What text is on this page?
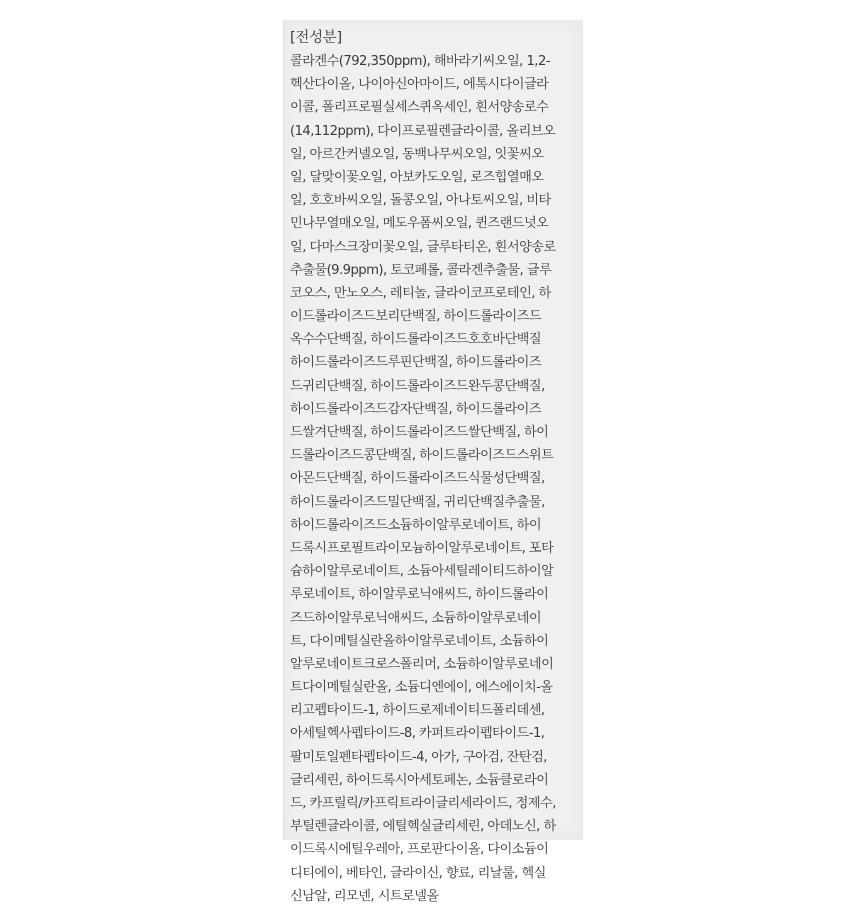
[전성분]
콜라겐수(792,350ppm), 해바라기씨오일, 1,2-
헥산다이올, 나이아신아마이드, 에톡시다이글라
이콜, 폴리프로필실세스퀴옥세인, 흰서양송로수
(14,112ppm), 다이프로필렌글라이콜, 올리브오
일, 아르간커넬오일, 동백나무씨오일, 잇꽃씨오
일, 달맞이꽃오일, 아보카도오일, 로즈힙열매오
일, 호호바씨오일, 돌콩오일, 아나토씨오일, 비타
민나무열매오일, 메도우폼씨오일, 퀸즈랜드넛오
일, 다마스크장미꽃오일, 글루타티온, 흰서양송로
추출물(9.9ppm), 토코페롤, 콜라겐추출물, 글루
코오스, 만노오스, 레티놀, 글라이코프로테인, 하
이드롤라이즈드보리단백질, 하이드롤라이즈드
옥수수단백질, 하이드롤라이즈드호호바단백질
하이드롤라이즈드루핀단백질, 하이드롤라이즈
드귀리단백질, 하이드롤라이즈드완두콩단백질,
하이드롤라이즈드감자단백질, 하이드롤라이즈
드쌀겨단백질, 하이드롤라이즈드쌀단백질, 하이
드롤라이즈드콩단백질, 하이드롤라이즈드스위트
아몬드단백질, 하이드롤라이즈드식물성단백질,
하이드롤라이즈드밀단백질, 귀리단백질추출물,
하이드롤라이즈드소듐하이알루로네이트, 하이
드록시프로필트라이모늄하이알루로네이트, 포타
슘하이알루로네이트, 소듐아세틸레이티드하이알
루로네이트, 하이알루로닉애씨드, 하이드롤라이
즈드하이알루로닉애씨드, 소듐하이알루로네이
트, 다이메틸실란올하이알루로네이트, 소듐하이
알루로네이트크로스폴리머, 소듐하이알루로네이
트다이메틸실란올, 소듐디엔에이, 에스에이치-올
리고펩타이드-1, 하이드로제네이티드폴리데센,
아세틸헥사펩타이드-8, 카퍼트라이펩타이드-1,
팔미토일펜타펩타이드-4, 아가, 구아검, 잔탄검,
글리세린, 하이드록시아세토페논, 소듐클로라이
드, 카프릴릭/카프릭트라이글리세라이드, 정제수,
부틸렌글라이콜, 에틸헥실글리세린, 아데노신, 하
이드록시에틸우레아, 프로판다이올, 다이소듐이
디티에이, 베타인, 글라이신, 향료, 리날룰, 헥실
신남알, 리모넨, 시트로넬올
